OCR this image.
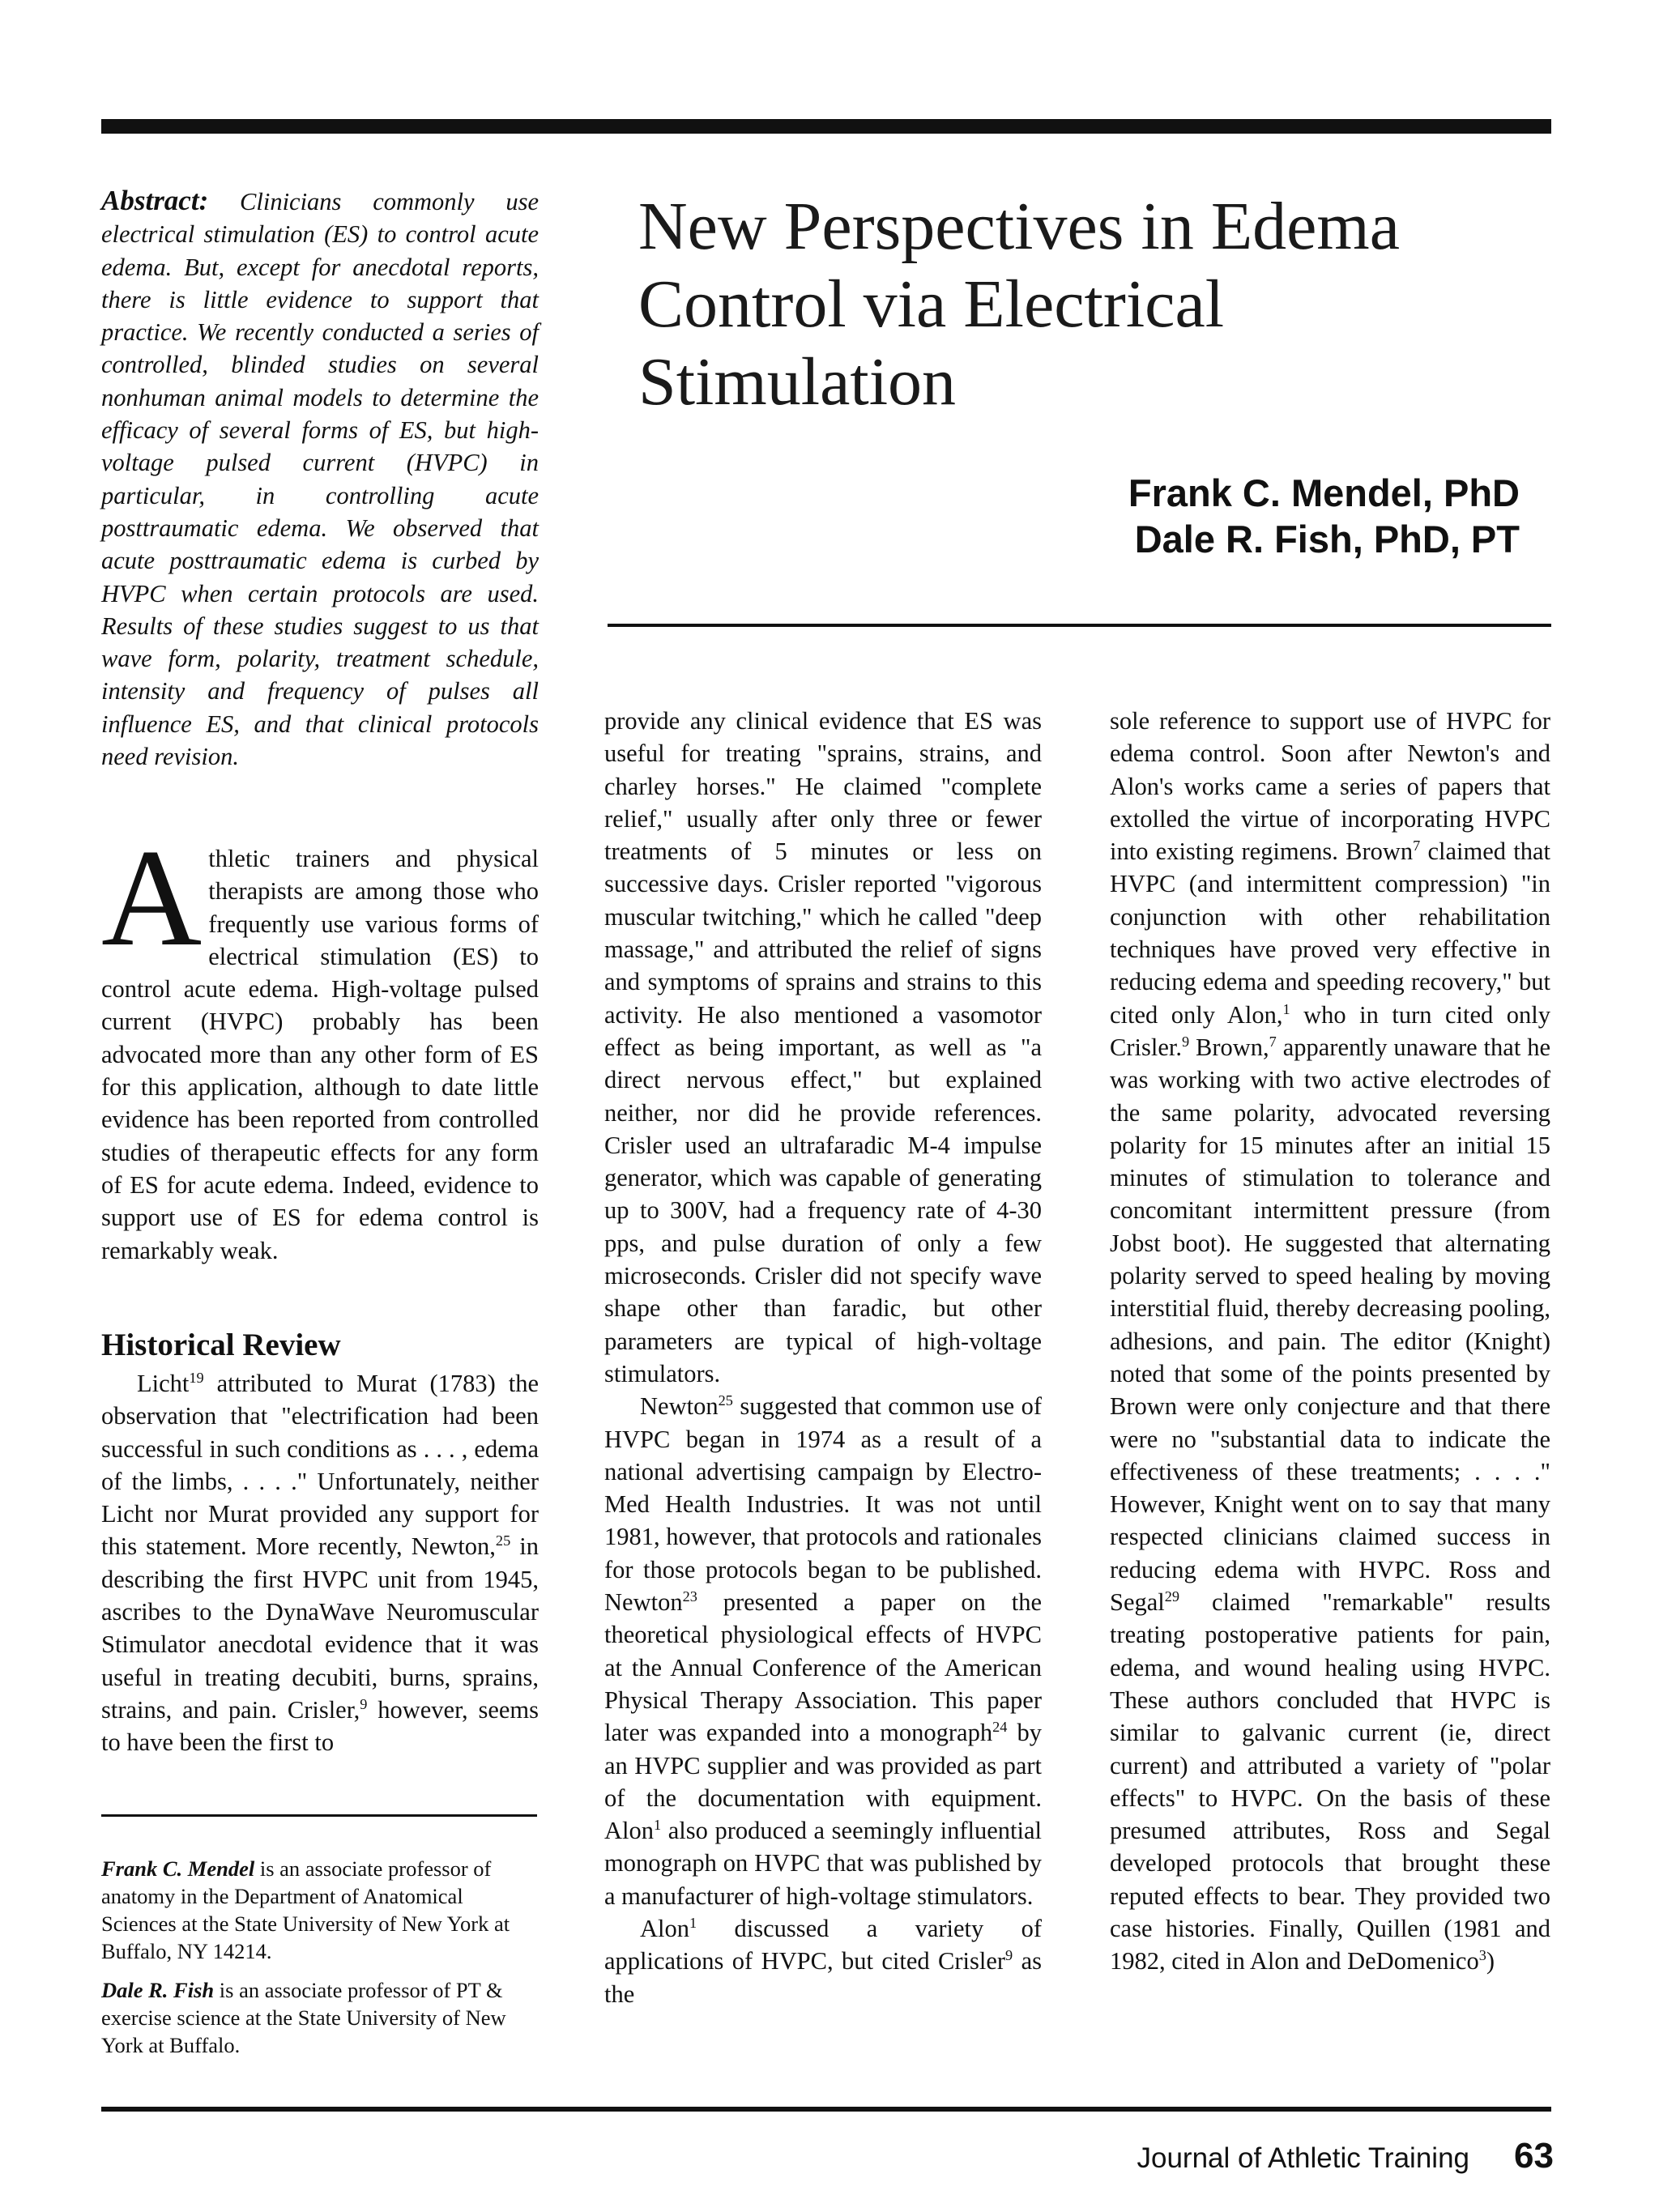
Abstract: Clinicians commonly use electrical stimulation (ES) to control acute edema. But, except for anecdotal reports, there is little evidence to support that practice. We recently conducted a series of controlled, blinded studies on several nonhuman animal models to determine the efficacy of several forms of ES, but high-voltage pulsed current (HVPC) in particular, in controlling acute posttraumatic edema. We observed that acute posttraumatic edema is curbed by HVPC when certain protocols are used. Results of these studies suggest to us that wave form, polarity, treatment schedule, intensity and frequency of pulses all influence ES, and that clinical protocols need revision.
New Perspectives in Edema Control via Electrical Stimulation
Frank C. Mendel, PhD
Dale R. Fish, PhD, PT
Athletic trainers and physical therapists are among those who frequently use various forms of electrical stimulation (ES) to control acute edema. High-voltage pulsed current (HVPC) probably has been advocated more than any other form of ES for this application, although to date little evidence has been reported from controlled studies of therapeutic effects for any form of ES for acute edema. Indeed, evidence to support use of ES for edema control is remarkably weak.
Historical Review

Licht$^{19}$ attributed to Murat (1783) the observation that "electrification had been successful in such conditions as . . . , edema of the limbs, . . . ." Unfortunately, neither Licht nor Murat provided any support for this statement. More recently, Newton,$^{25}$ in describing the first HVPC unit from 1945, ascribes to the DynaWave Neuromuscular Stimulator anecdotal evidence that it was useful in treating decubiti, burns, sprains, strains, and pain. Crisler,$^9$ however, seems to have been the first to

Frank C. Mendel is an associate professor of anatomy in the Department of Anatomical Sciences at the State University of New York at Buffalo, NY 14214.

Dale R. Fish is an associate professor of PT & exercise science at the State University of New York at Buffalo.

provide any clinical evidence that ES was useful for treating "sprains, strains, and charley horses." He claimed "complete relief," usually after only three or fewer treatments of 5 minutes or less on successive days. Crisler reported "vigorous muscular twitching," which he called "deep massage," and attributed the relief of signs and symptoms of sprains and strains to this activity. He also mentioned a vasomotor effect as being important, as well as "a direct nervous effect," but explained neither, nor did he provide references. Crisler used an ultrafaradic M-4 impulse generator, which was capable of generating up to 300V, had a frequency rate of 4-30 pps, and pulse duration of only a few microseconds. Crisler did not specify wave shape other than faradic, but other parameters are typical of high-voltage stimulators.

Newton$^{25}$ suggested that common use of HVPC began in 1974 as a result of a national advertising campaign by Electro-Med Health Industries. It was not until 1981, however, that protocols and rationales for those protocols began to be published. Newton$^{23}$ presented a paper on the theoretical physiological effects of HVPC at the Annual Conference of the American Physical Therapy Association. This paper later was expanded into a monograph$^{24}$ by an HVPC supplier and was provided as part of the documentation with equipment. Alon$^1$ also produced a seemingly influential monograph on HVPC that was published by a manufacturer of high-voltage stimulators.

Alon$^1$ discussed a variety of applications of HVPC, but cited Crisler$^9$ as the

sole reference to support use of HVPC for edema control. Soon after Newton's and Alon's works came a series of papers that extolled the virtue of incorporating HVPC into existing regimens. Brown$^7$ claimed that HVPC (and intermittent compression) "in conjunction with other rehabilitation techniques have proved very effective in reducing edema and speeding recovery," but cited only Alon,$^1$ who in turn cited only Crisler.$^9$ Brown,$^7$ apparently unaware that he was working with two active electrodes of the same polarity, advocated reversing polarity for 15 minutes after an initial 15 minutes of stimulation to tolerance and concomitant intermittent pressure (from Jobst boot). He suggested that alternating polarity served to speed healing by moving interstitial fluid, thereby decreasing pooling, adhesions, and pain. The editor (Knight) noted that some of the points presented by Brown were only conjecture and that there were no "substantial data to indicate the effectiveness of these treatments; . . . ." However, Knight went on to say that many respected clinicians claimed success in reducing edema with HVPC. Ross and Segal$^{29}$ claimed "remarkable" results treating postoperative patients for pain, edema, and wound healing using HVPC. These authors concluded that HVPC is similar to galvanic current (ie, direct current) and attributed a variety of "polar effects" to HVPC. On the basis of these presumed attributes, Ross and Segal developed protocols that brought these reputed effects to bear. They provided two case histories. Finally, Quillen (1981 and 1982, cited in Alon and DeDomenico$^3$)

Journal of Athletic Training 63
